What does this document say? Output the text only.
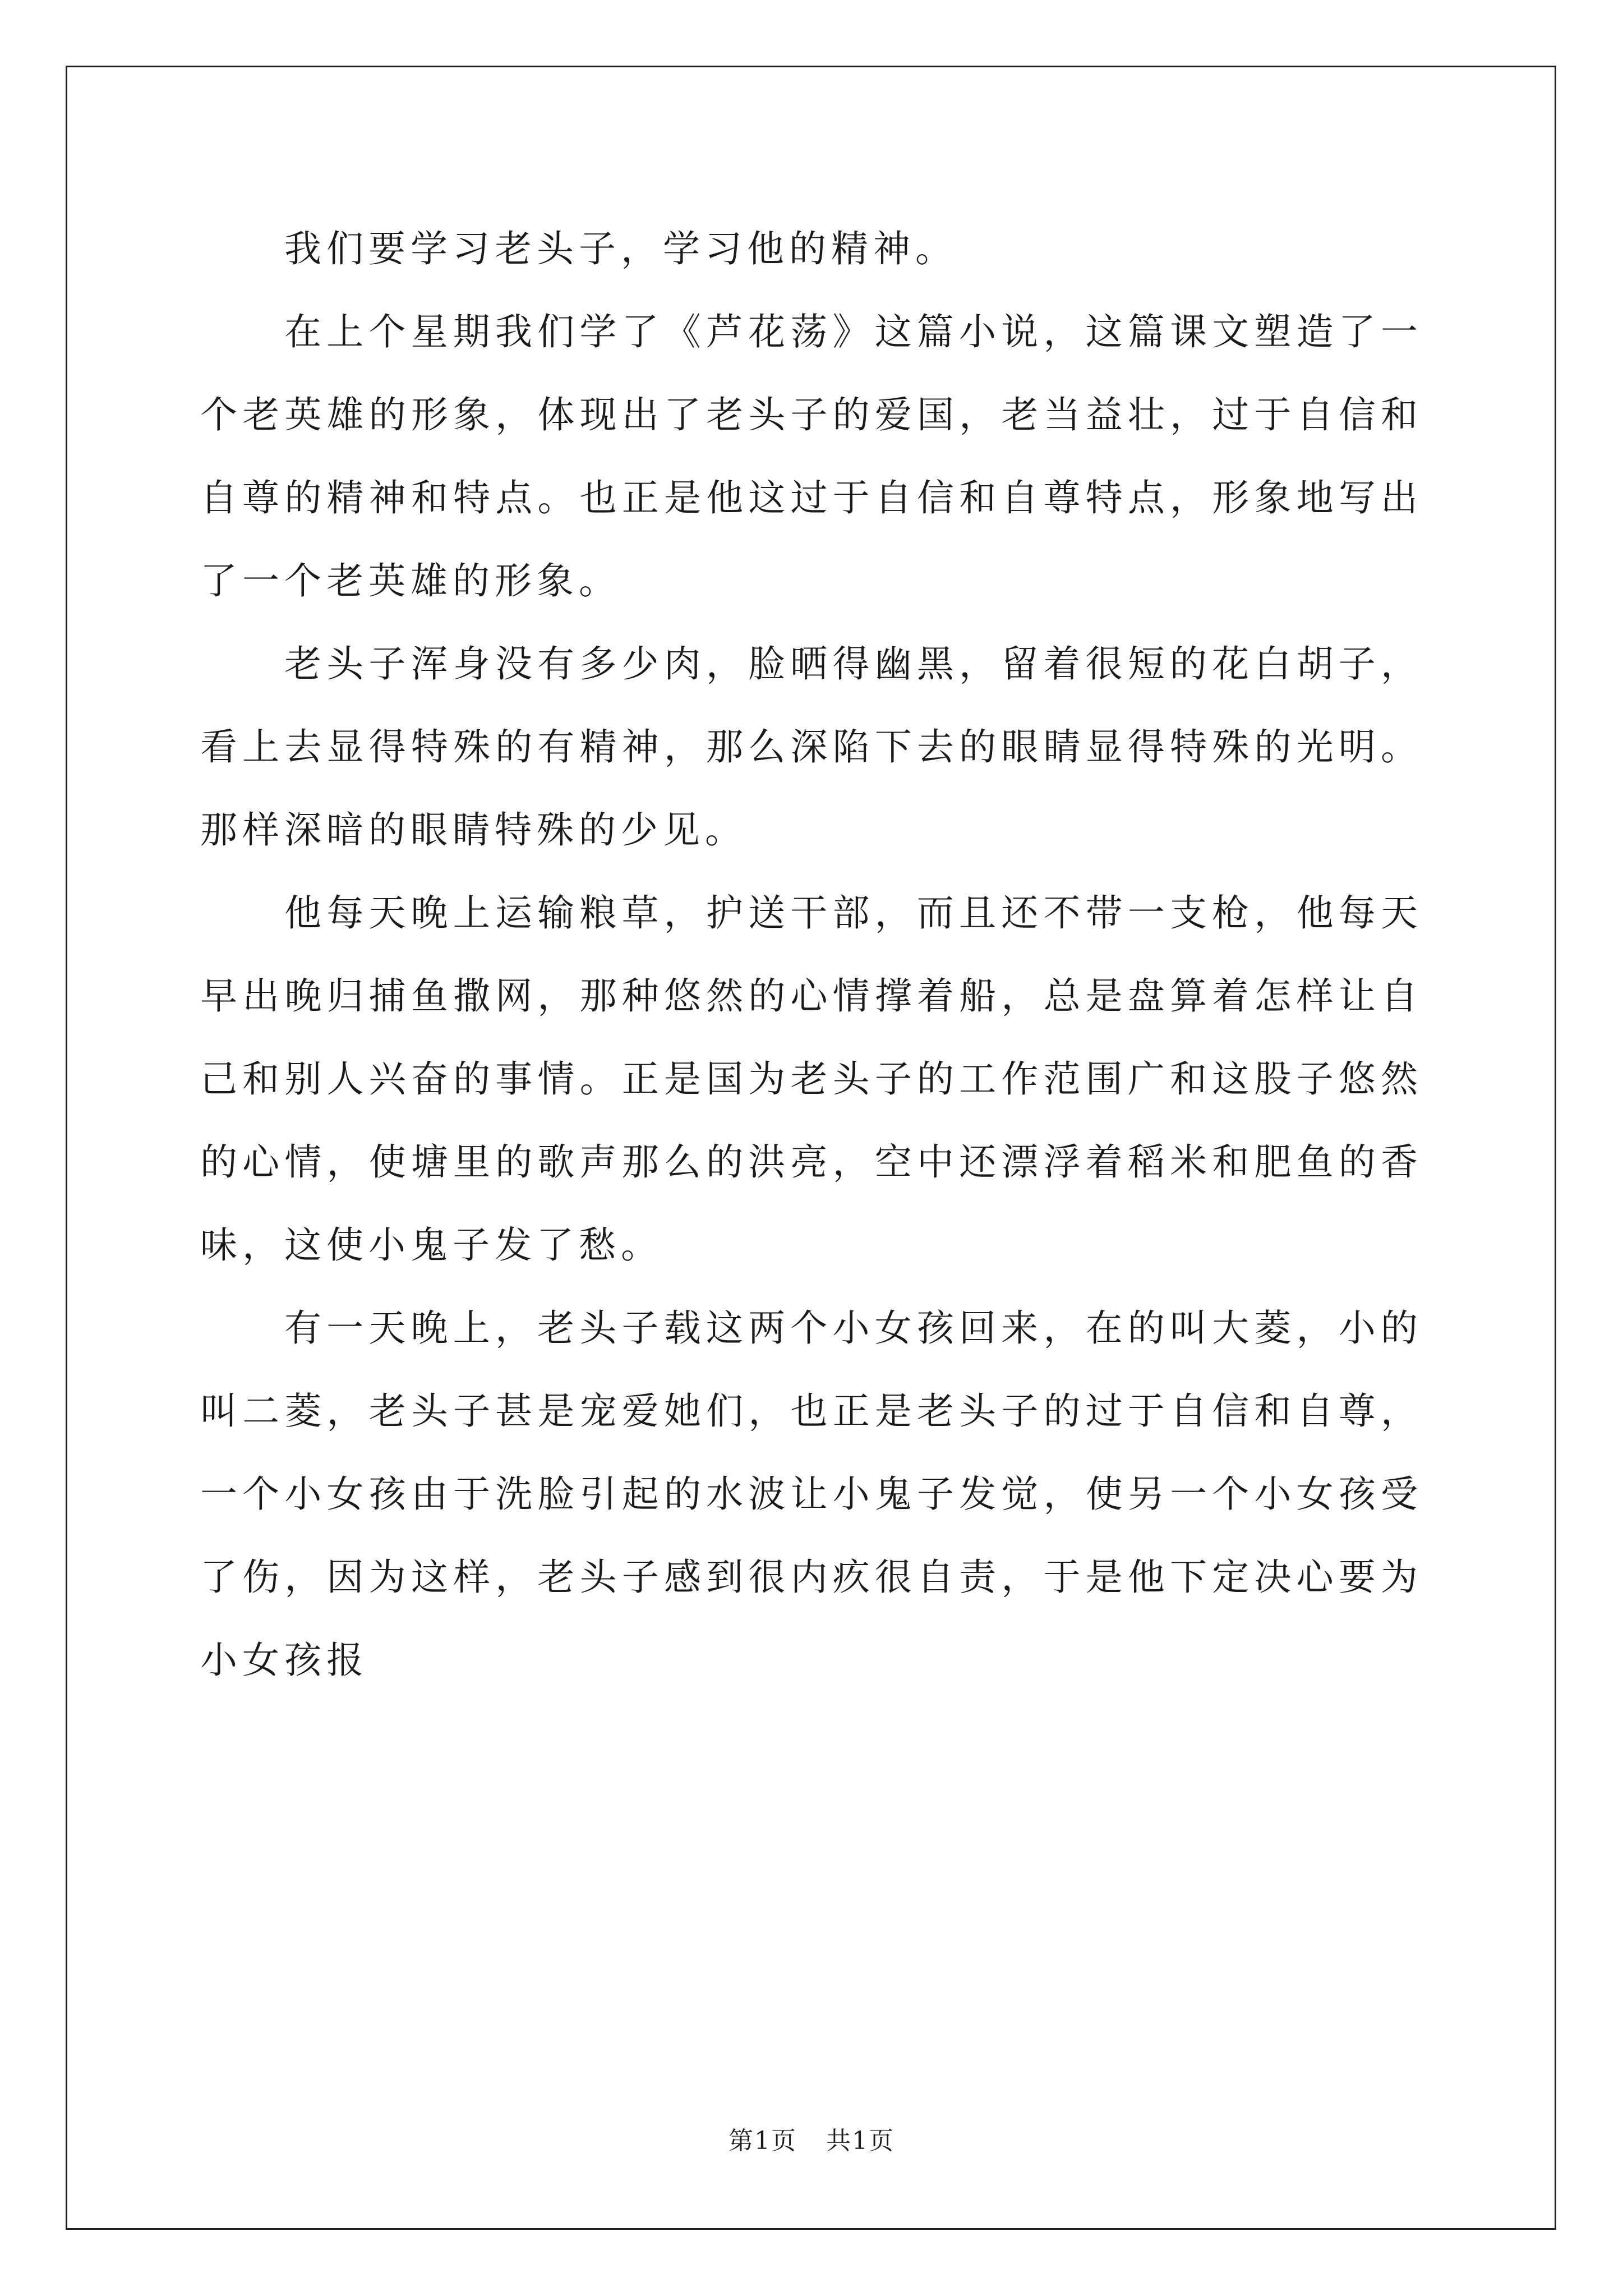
我们要学习老头子，学习他的精神。

在上个星期我们学了《芦花荡》这篇小说，这篇课文塑造了一个老英雄的形象，体现出了老头子的爱国，老当益壮，过于自信和自尊的精神和特点。也正是他这过于自信和自尊特点，形象地写出了一个老英雄的形象。

老头子浑身没有多少肉，脸晒得幽黑，留着很短的花白胡子，看上去显得特殊的有精神，那么深陷下去的眼睛显得特殊的光明。那样深暗的眼睛特殊的少见。

他每天晚上运输粮草，护送干部，而且还不带一支枪，他每天早出晚归捕鱼撒网，那种悠然的心情撑着船，总是盘算着怎样让自己和别人兴奋的事情。正是国为老头子的工作范围广和这股子悠然的心情，使塘里的歌声那么的洪亮，空中还漂浮着稻米和肥鱼的香味，这使小鬼子发了愁。

有一天晚上，老头子载这两个小女孩回来，在的叫大菱，小的叫二菱，老头子甚是宠爱她们，也正是老头子的过于自信和自尊，一个小女孩由于洗脸引起的水波让小鬼子发觉，使另一个小女孩受了伤，因为这样，老头子感到很内疚很自责，于是他下定决心要为小女孩报

第1页 共1页
